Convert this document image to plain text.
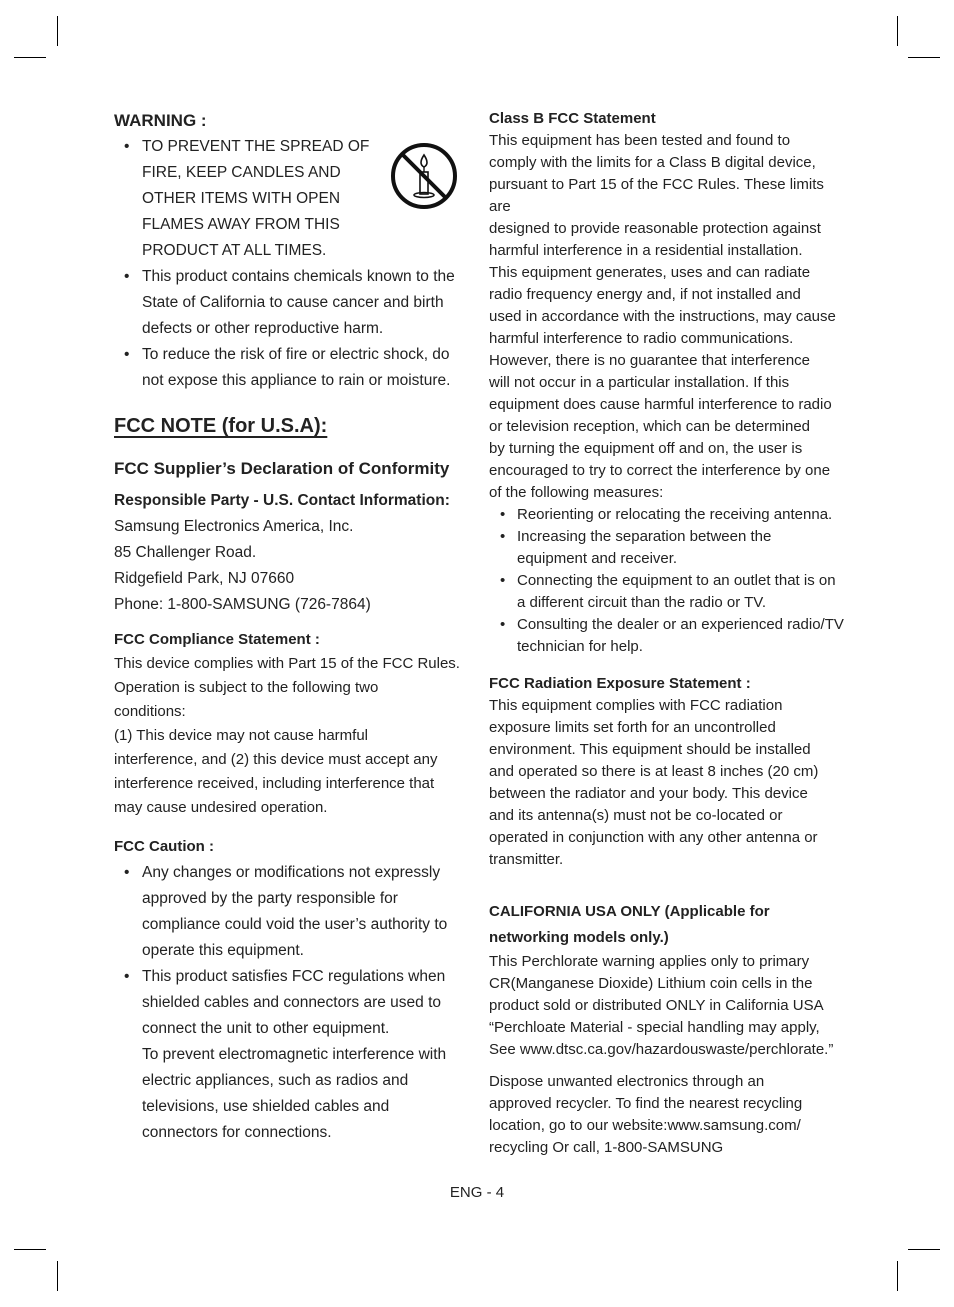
WARNING :
• TO PREVENT THE SPREAD OF
FIRE, KEEP CANDLES AND
OTHER ITEMS WITH OPEN
FLAMES AWAY FROM THIS
PRODUCT AT ALL TIMES.
• This product contains chemicals known to the State of California to cause cancer and birth defects or other reproductive harm.
• To reduce the risk of fire or electric shock, do not expose this appliance to rain or moisture.
FCC NOTE (for U.S.A):
FCC Supplier’s Declaration of Conformity
Responsible Party - U.S. Contact Information:
Samsung Electronics America, Inc.
85 Challenger Road.
Ridgefield Park, NJ 07660
Phone: 1-800-SAMSUNG (726-7864)
FCC Compliance Statement :
This device complies with Part 15 of the FCC Rules.
Operation is subject to the following two
conditions:
(1) This device may not cause harmful
interference, and (2) this device must accept any
interference received, including interference that
may cause undesired operation.
FCC Caution :
• Any changes or modifications not expressly approved by the party responsible for compliance could void the user’s authority to operate this equipment.
• This product satisfies FCC regulations when shielded cables and connectors are used to connect the unit to other equipment.
To prevent electromagnetic interference with electric appliances, such as radios and televisions, use shielded cables and connectors for connections.
Class B FCC Statement
This equipment has been tested and found to
comply with the limits for a Class B digital device,
pursuant to Part 15 of the FCC Rules. These limits are
designed to provide reasonable protection against
harmful interference in a residential installation.
This equipment generates, uses and can radiate
radio frequency energy and, if not installed and
used in accordance with the instructions, may cause
harmful interference to radio communications.
However, there is no guarantee that interference
will not occur in a particular installation. If this
equipment does cause harmful interference to radio
or television reception, which can be determined
by turning the equipment off and on, the user is
encouraged to try to correct the interference by one
of the following measures:
• Reorienting or relocating the receiving antenna.
• Increasing the separation between the equipment and receiver.
• Connecting the equipment to an outlet that is on a different circuit than the radio or TV.
• Consulting the dealer or an experienced radio/TV technician for help.
FCC Radiation Exposure Statement :
This equipment complies with FCC radiation
exposure limits set forth for an uncontrolled
environment. This equipment should be installed
and operated so there is at least 8 inches (20 cm)
between the radiator and your body. This device
and its antenna(s) must not be co-located or
operated in conjunction with any other antenna or
transmitter.
CALIFORNIA USA ONLY (Applicable for
networking models only.)
This Perchlorate warning applies only to primary
CR(Manganese Dioxide) Lithium coin cells in the
product sold or distributed ONLY in California USA
“Perchloate Material - special handling may apply,
See www.dtsc.ca.gov/hazardouswaste/perchlorate.”
Dispose unwanted electronics through an
approved recycler. To find the nearest recycling
location, go to our website:www.samsung.com/
recycling Or call, 1-800-SAMSUNG
ENG - 4
